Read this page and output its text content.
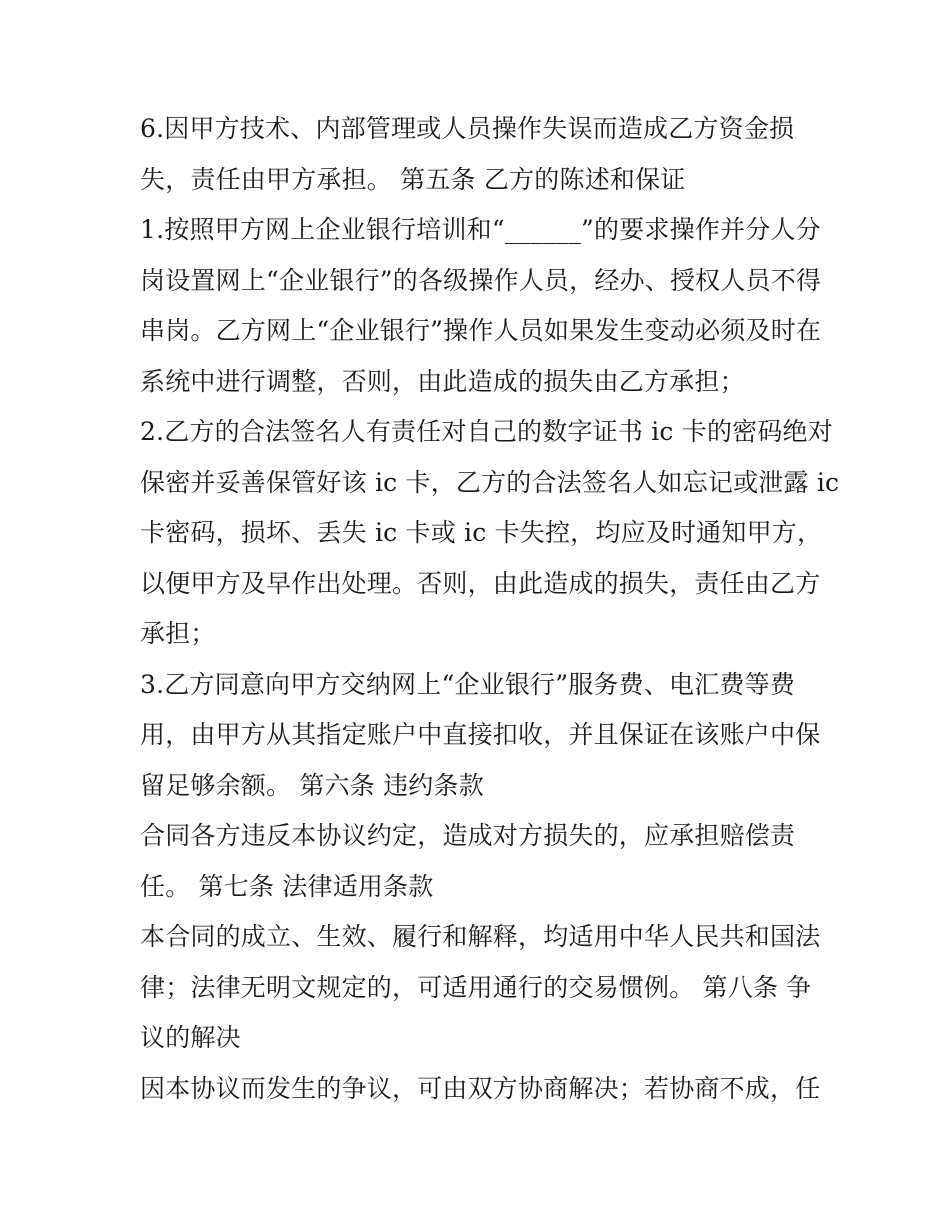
6.因甲方技术、内部管理或人员操作失误而造成乙方资金损
失，责任由甲方承担。 第五条 乙方的陈述和保证
1.按照甲方网上企业银行培训和“______”的要求操作并分人分
岗设置网上“企业银行”的各级操作人员，经办、授权人员不得
串岗。乙方网上“企业银行”操作人员如果发生变动必须及时在
系统中进行调整，否则，由此造成的损失由乙方承担；
2.乙方的合法签名人有责任对自己的数字证书 ic 卡的密码绝对
保密并妥善保管好该 ic 卡，乙方的合法签名人如忘记或泄露 ic
卡密码，损坏、丢失 ic 卡或 ic 卡失控，均应及时通知甲方，
以便甲方及早作出处理。否则，由此造成的损失，责任由乙方
承担；
3.乙方同意向甲方交纳网上“企业银行”服务费、电汇费等费
用，由甲方从其指定账户中直接扣收，并且保证在该账户中保
留足够余额。 第六条 违约条款
合同各方违反本协议约定，造成对方损失的，应承担赔偿责
任。 第七条 法律适用条款
本合同的成立、生效、履行和解释，均适用中华人民共和国法
律；法律无明文规定的，可适用通行的交易惯例。 第八条 争
议的解决
因本协议而发生的争议，可由双方协商解决；若协商不成，任
